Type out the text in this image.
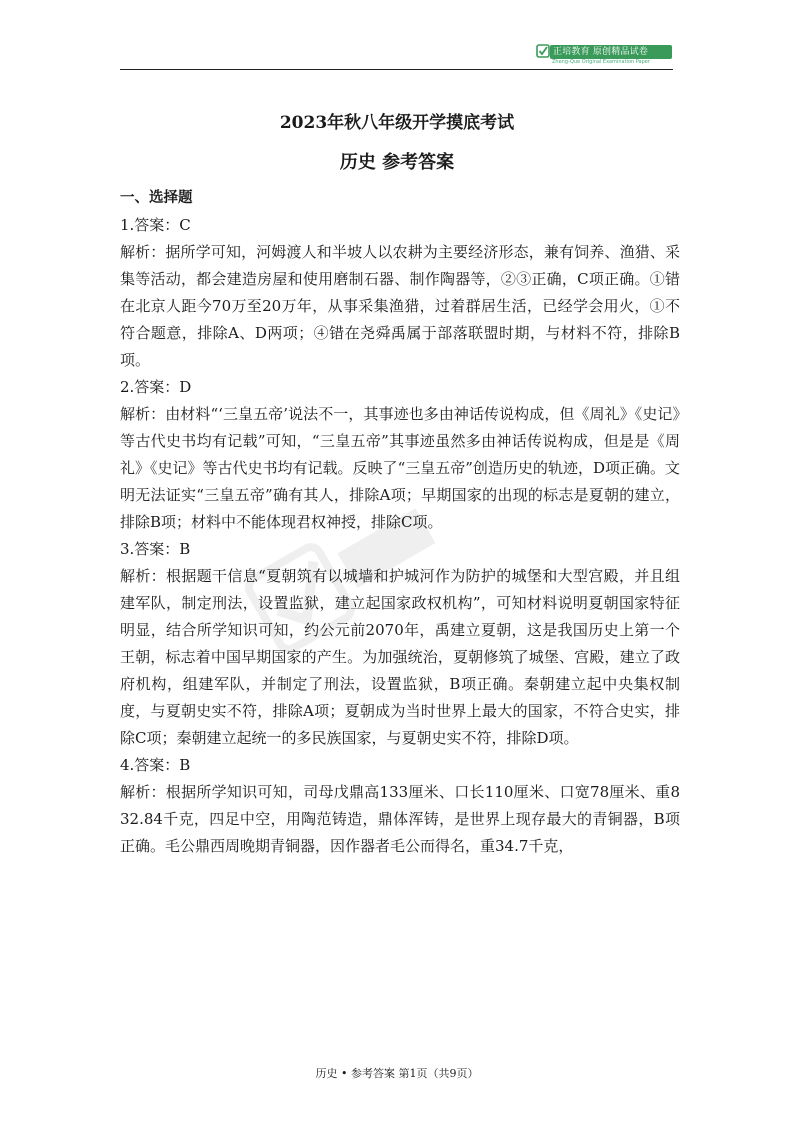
正培教育 原创精品试卷
Zheng-Que Original Examination Paper
2023年秋八年级开学摸底考试
历史 参考答案
一、选择题
1.答案：C
解析：据所学可知，河姆渡人和半坡人以农耕为主要经济形态，兼有饲养、渔猎、采集等活动，都会建造房屋和使用磨制石器、制作陶器等，②③正确，C项正确。①错在北京人距今70万至20万年，从事采集渔猎，过着群居生活，已经学会用火，①不符合题意，排除A、D两项；④错在尧舜禹属于部落联盟时期，与材料不符，排除B项。
2.答案：D
解析：由材料“‘三皇五帝’说法不一，其事迹也多由神话传说构成，但《周礼》《史记》等古代史书均有记载”可知，“三皇五帝”其事迹虽然多由神话传说构成，但是是《周礼》《史记》等古代史书均有记载。反映了“三皇五帝”创造历史的轨迹，D项正确。文明无法证实“三皇五帝”确有其人，排除A项；早期国家的出现的标志是夏朝的建立，排除B项；材料中不能体现君权神授，排除C项。
3.答案：B
解析：根据题干信息“夏朝筑有以城墙和护城河作为防护的城堡和大型宫殿，并且组建军队，制定刑法，设置监狱，建立起国家政权机构”，可知材料说明夏朝国家特征明显，结合所学知识可知，约公元前2070年，禹建立夏朝，这是我国历史上第一个王朝，标志着中国早期国家的产生。为加强统治，夏朝修筑了城堡、宫殿，建立了政府机构，组建军队，并制定了刑法，设置监狱，B项正确。秦朝建立起中央集权制度，与夏朝史实不符，排除A项；夏朝成为当时世界上最大的国家，不符合史实，排除C项；秦朝建立起统一的多民族国家，与夏朝史实不符，排除D项。
4.答案：B
解析：根据所学知识可知，司母戊鼎高133厘米、口长110厘米、口宽78厘米、重832.84千克，四足中空，用陶范铸造，鼎体浑铸，是世界上现存最大的青铜器，B项正确。毛公鼎西周晚期青铜器，因作器者毛公而得名，重34.7千克，
历史 • 参考答案 第1页（共9页）
